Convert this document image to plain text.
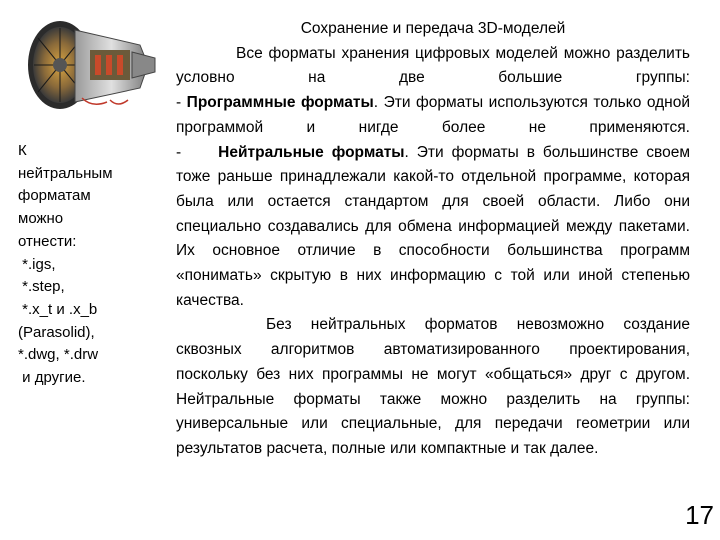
К
нейтральным
форматам
можно
отнести:
*.igs,
*.step,
*.x_t и .x_b
(Parasolid),
*.dwg, *.drw
и другие.
Сохранение и передача 3D-моделей
Все форматы хранения цифровых моделей можно разделить условно на две большие группы:
- Программные форматы. Эти форматы используются только одной программой и нигде более не применяются.
- Нейтральные форматы. Эти форматы в большинстве своем тоже раньше принадлежали какой-то отдельной программе, которая была или остается стандартом для своей области. Либо они специально создавались для обмена информацией между пакетами. Их основное отличие в способности большинства программ «понимать» скрытую в них информацию с той или иной степенью качества.
Без нейтральных форматов невозможно создание сквозных алгоритмов автоматизированного проектирования, поскольку без них программы не могут «общаться» друг с другом. Нейтральные форматы также можно разделить на группы: универсальные или специальные, для передачи геометрии или результатов расчета, полные или компактные и так далее.
17
